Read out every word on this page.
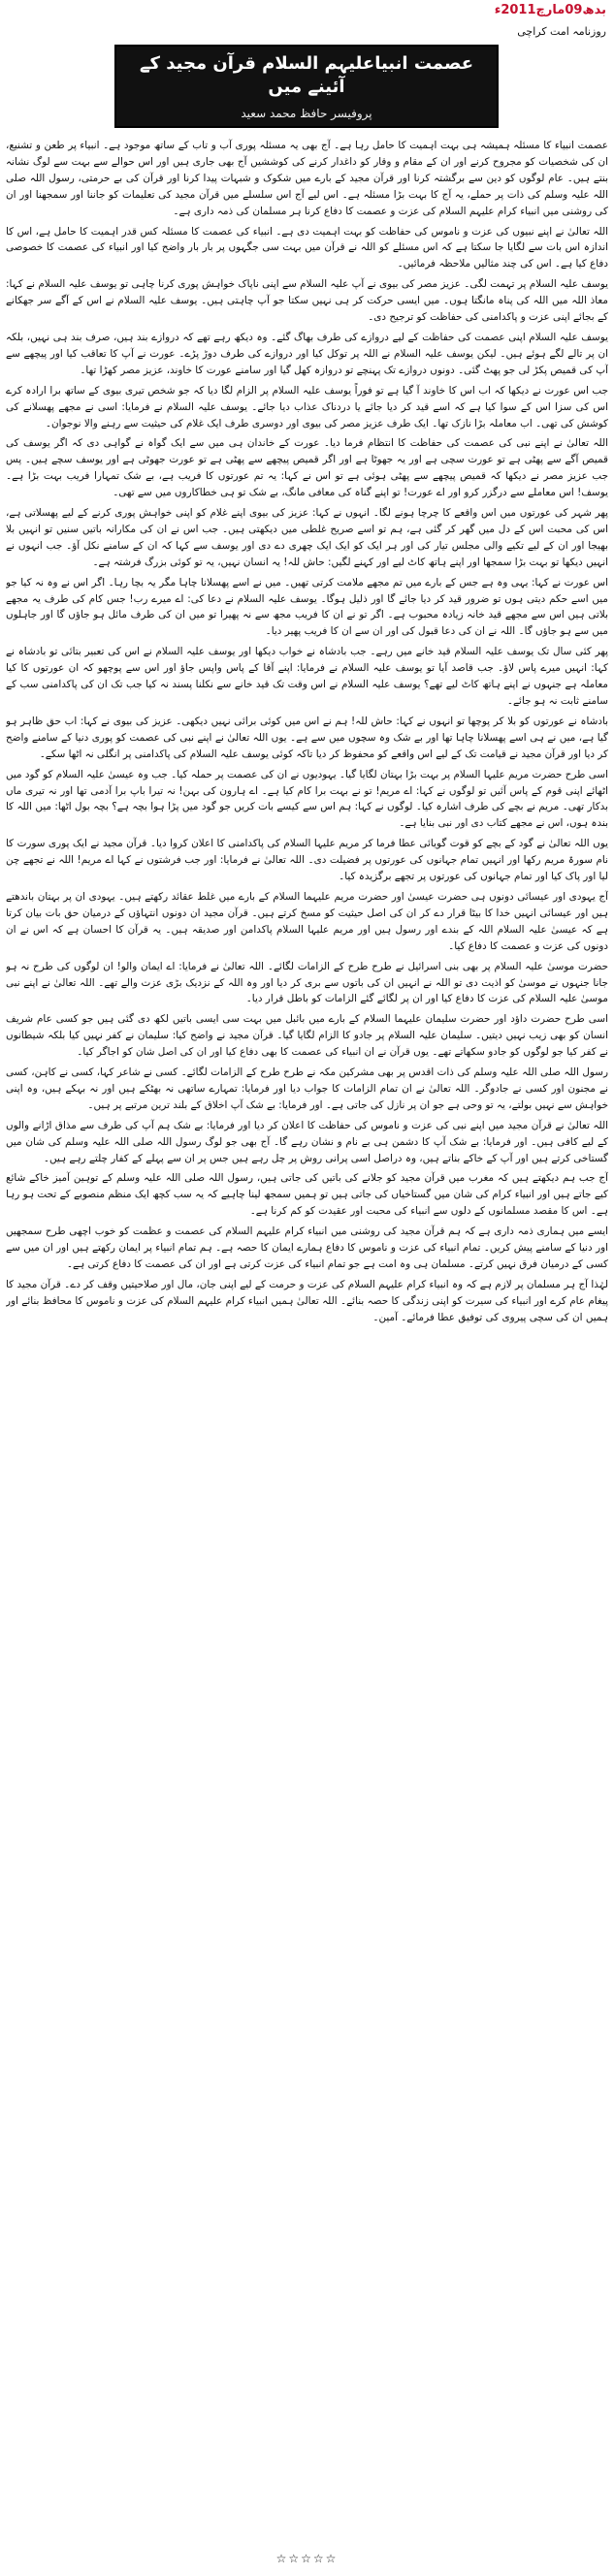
بدھ09مارچ2011ء
روزنامہ امت کراچی
عصمت انبیاعلیہم السلام قرآن مجید کے آئینے میں
پروفیسر حافظ محمد سعید

عصمت انبیاء کا مسئلہ ہمیشہ ہی بہت اہمیت کا حامل رہا ہے۔ آج بھی یہ مسئلہ پوری آب و تاب کے ساتھ موجود ہے۔ انبیاء پر طعن و تشنیع، ان کی شخصیات کو مجروح کرنے اور ان کے مقام و وقار کو داغدار کرنے کی کوششیں آج بھی جاری ہیں اور اس حوالے سے بہت سے لوگ نشانہ بنتے ہیں۔ عام لوگوں کو دین سے برگشتہ کرنا اور قرآن مجید کے بارے میں شکوک و شبہات پیدا کرنا اور قرآن کی بے حرمتی، رسول اللہ صلی اللہ علیہ وسلم کی ذات پر حملے، یہ آج کا بہت بڑا مسئلہ ہے۔ اس لیے آج اس سلسلے میں قرآن مجید کی تعلیمات کو جاننا اور سمجھنا اور ان کی روشنی میں انبیاء کرام علیہم السلام کی عزت و عصمت کا دفاع کرنا ہر مسلمان کی ذمہ داری ہے۔

اللہ تعالیٰ نے اپنے نبیوں کی عزت و ناموس کی حفاظت کو بہت اہمیت دی ہے۔ انبیاء کی عصمت کا مسئلہ کس قدر اہمیت کا حامل ہے، اس کا اندازہ اس بات سے لگایا جا سکتا ہے کہ اس مسئلے کو اللہ نے قرآن میں بہت سی جگہوں پر بار بار واضح کیا اور انبیاء کی عصمت کا خصوصی دفاع کیا ہے۔ اس کی چند مثالیں ملاحظہ فرمائیں۔

یوسف علیہ السلام پر تہمت لگی۔ عزیز مصر کی بیوی نے آپ علیہ السلام سے اپنی ناپاک خواہش پوری کرنا چاہی تو یوسف علیہ السلام نے کہا: معاذ اللہ میں اللہ کی پناہ مانگتا ہوں۔ میں ایسی حرکت کر ہی نہیں سکتا جو آپ چاہتی ہیں۔ یوسف علیہ السلام نے اس کے آگے سر جھکانے کے بجائے اپنی عزت و پاکدامنی کی حفاظت کو ترجیح دی۔

یوسف علیہ السلام اپنی عصمت کی حفاظت کے لیے دروازے کی طرف بھاگ گئے۔ وہ دیکھ رہے تھے کہ دروازے بند ہیں، صرف بند ہی نہیں، بلکہ ان پر تالے لگے ہوئے ہیں۔ لیکن یوسف علیہ السلام نے اللہ پر توکل کیا اور دروازے کی طرف دوڑ پڑے۔ عورت نے آپ کا تعاقب کیا اور پیچھے سے آپ کی قمیص پکڑ لی جو پھٹ گئی۔ دونوں دروازے تک پہنچے تو دروازہ کھل گیا اور سامنے عورت کا خاوند، عزیز مصر کھڑا تھا۔

جب اس عورت نے دیکھا کہ اب اس کا خاوند آ گیا ہے تو فوراً یوسف علیہ السلام پر الزام لگا دیا کہ جو شخص تیری بیوی کے ساتھ برا ارادہ کرے اس کی سزا اس کے سوا کیا ہے کہ اسے قید کر دیا جائے یا دردناک عذاب دیا جائے۔ یوسف علیہ السلام نے فرمایا: اسی نے مجھے پھسلانے کی کوشش کی تھی۔ اب معاملہ بڑا نازک تھا۔ ایک طرف عزیز مصر کی بیوی اور دوسری طرف ایک غلام کی حیثیت سے رہنے والا نوجوان۔

اللہ تعالیٰ نے اپنے نبی کی عصمت کی حفاظت کا انتظام فرما دیا۔ عورت کے خاندان ہی میں سے ایک گواہ نے گواہی دی کہ اگر یوسف کی قمیص آگے سے پھٹی ہے تو عورت سچی ہے اور یہ جھوٹا ہے اور اگر قمیص پیچھے سے پھٹی ہے تو عورت جھوٹی ہے اور یوسف سچے ہیں۔ پس جب عزیز مصر نے دیکھا کہ قمیص پیچھے سے پھٹی ہوئی ہے تو اس نے کہا: یہ تم عورتوں کا فریب ہے، بے شک تمہارا فریب بہت بڑا ہے۔ یوسف! اس معاملے سے درگزر کرو اور اے عورت! تو اپنے گناہ کی معافی مانگ، بے شک تو ہی خطاکاروں میں سے تھی۔

پھر شہر کی عورتوں میں اس واقعے کا چرچا ہونے لگا۔ انہوں نے کہا: عزیز کی بیوی اپنے غلام کو اپنی خواہش پوری کرنے کے لیے پھسلاتی ہے، اس کی محبت اس کے دل میں گھر کر گئی ہے، ہم تو اسے صریح غلطی میں دیکھتی ہیں۔ جب اس نے ان کی مکارانہ باتیں سنیں تو انہیں بلا بھیجا اور ان کے لیے تکیے والی مجلس تیار کی اور ہر ایک کو ایک ایک چھری دے دی اور یوسف سے کہا کہ ان کے سامنے نکل آؤ۔ جب انہوں نے انہیں دیکھا تو بہت بڑا سمجھا اور اپنے ہاتھ کاٹ لیے اور کہنے لگیں: حاش للہ! یہ انسان نہیں، یہ تو کوئی بزرگ فرشتہ ہے۔

اس عورت نے کہا: یہی وہ ہے جس کے بارے میں تم مجھے ملامت کرتی تھیں۔ میں نے اسے پھسلانا چاہا مگر یہ بچا رہا۔ اگر اس نے وہ نہ کیا جو میں اسے حکم دیتی ہوں تو ضرور قید کر دیا جائے گا اور ذلیل ہوگا۔ یوسف علیہ السلام نے دعا کی: اے میرے رب! جس کام کی طرف یہ مجھے بلاتی ہیں اس سے مجھے قید خانہ زیادہ محبوب ہے۔ اگر تو نے ان کا فریب مجھ سے نہ پھیرا تو میں ان کی طرف مائل ہو جاؤں گا اور جاہلوں میں سے ہو جاؤں گا۔ اللہ نے ان کی دعا قبول کی اور ان سے ان کا فریب پھیر دیا۔

پھر کئی سال تک یوسف علیہ السلام قید خانے میں رہے۔ جب بادشاہ نے خواب دیکھا اور یوسف علیہ السلام نے اس کی تعبیر بتائی تو بادشاہ نے کہا: انہیں میرے پاس لاؤ۔ جب قاصد آیا تو یوسف علیہ السلام نے فرمایا: اپنے آقا کے پاس واپس جاؤ اور اس سے پوچھو کہ ان عورتوں کا کیا معاملہ ہے جنہوں نے اپنے ہاتھ کاٹ لیے تھے؟ یوسف علیہ السلام نے اس وقت تک قید خانے سے نکلنا پسند نہ کیا جب تک ان کی پاکدامنی سب کے سامنے ثابت نہ ہو جائے۔

بادشاہ نے عورتوں کو بلا کر پوچھا تو انہوں نے کہا: حاش للہ! ہم نے اس میں کوئی برائی نہیں دیکھی۔ عزیز کی بیوی نے کہا: اب حق ظاہر ہو گیا ہے، میں نے ہی اسے پھسلانا چاہا تھا اور بے شک وہ سچوں میں سے ہے۔ یوں اللہ تعالیٰ نے اپنے نبی کی عصمت کو پوری دنیا کے سامنے واضح کر دیا اور قرآن مجید نے قیامت تک کے لیے اس واقعے کو محفوظ کر دیا تاکہ کوئی یوسف علیہ السلام کی پاکدامنی پر انگلی نہ اٹھا سکے۔

اسی طرح حضرت مریم علیہا السلام پر بہت بڑا بہتان لگایا گیا۔ یہودیوں نے ان کی عصمت پر حملہ کیا۔ جب وہ عیسیٰ علیہ السلام کو گود میں اٹھائے اپنی قوم کے پاس آئیں تو لوگوں نے کہا: اے مریم! تو نے بہت برا کام کیا ہے۔ اے ہارون کی بہن! نہ تیرا باپ برا آدمی تھا اور نہ تیری ماں بدکار تھی۔ مریم نے بچے کی طرف اشارہ کیا۔ لوگوں نے کہا: ہم اس سے کیسے بات کریں جو گود میں پڑا ہوا بچہ ہے؟ بچہ بول اٹھا: میں اللہ کا بندہ ہوں، اس نے مجھے کتاب دی اور نبی بنایا ہے۔

یوں اللہ تعالیٰ نے گود کے بچے کو قوت گویائی عطا فرما کر مریم علیہا السلام کی پاکدامنی کا اعلان کروا دیا۔ قرآن مجید نے ایک پوری سورت کا نام سورۃ مریم رکھا اور انہیں تمام جہانوں کی عورتوں پر فضیلت دی۔ اللہ تعالیٰ نے فرمایا: اور جب فرشتوں نے کہا اے مریم! اللہ نے تجھے چن لیا اور پاک کیا اور تمام جہانوں کی عورتوں پر تجھے برگزیدہ کیا۔

آج یہودی اور عیسائی دونوں ہی حضرت عیسیٰ اور حضرت مریم علیہما السلام کے بارے میں غلط عقائد رکھتے ہیں۔ یہودی ان پر بہتان باندھتے ہیں اور عیسائی انہیں خدا کا بیٹا قرار دے کر ان کی اصل حیثیت کو مسخ کرتے ہیں۔ قرآن مجید ان دونوں انتہاؤں کے درمیان حق بات بیان کرتا ہے کہ عیسیٰ علیہ السلام اللہ کے بندے اور رسول ہیں اور مریم علیہا السلام پاکدامن اور صدیقہ ہیں۔ یہ قرآن کا احسان ہے کہ اس نے ان دونوں کی عزت و عصمت کا دفاع کیا۔

حضرت موسیٰ علیہ السلام پر بھی بنی اسرائیل نے طرح طرح کے الزامات لگائے۔ اللہ تعالیٰ نے فرمایا: اے ایمان والو! ان لوگوں کی طرح نہ ہو جانا جنہوں نے موسیٰ کو اذیت دی تو اللہ نے انہیں ان کی باتوں سے بری کر دیا اور وہ اللہ کے نزدیک بڑی عزت والے تھے۔ اللہ تعالیٰ نے اپنے نبی موسیٰ علیہ السلام کی عزت کا دفاع کیا اور ان پر لگائے گئے الزامات کو باطل قرار دیا۔

اسی طرح حضرت داؤد اور حضرت سلیمان علیہما السلام کے بارے میں بائبل میں بہت سی ایسی باتیں لکھ دی گئی ہیں جو کسی عام شریف انسان کو بھی زیب نہیں دیتیں۔ سلیمان علیہ السلام پر جادو کا الزام لگایا گیا۔ قرآن مجید نے واضح کیا: سلیمان نے کفر نہیں کیا بلکہ شیطانوں نے کفر کیا جو لوگوں کو جادو سکھاتے تھے۔ یوں قرآن نے ان انبیاء کی عصمت کا بھی دفاع کیا اور ان کی اصل شان کو اجاگر کیا۔

رسول اللہ صلی اللہ علیہ وسلم کی ذات اقدس پر بھی مشرکین مکہ نے طرح طرح کے الزامات لگائے۔ کسی نے شاعر کہا، کسی نے کاہن، کسی نے مجنون اور کسی نے جادوگر۔ اللہ تعالیٰ نے ان تمام الزامات کا جواب دیا اور فرمایا: تمہارے ساتھی نہ بھٹکے ہیں اور نہ بہکے ہیں، وہ اپنی خواہش سے نہیں بولتے، یہ تو وحی ہے جو ان پر نازل کی جاتی ہے۔ اور فرمایا: بے شک آپ اخلاق کے بلند ترین مرتبے پر ہیں۔

اللہ تعالیٰ نے قرآن مجید میں اپنے نبی کی عزت و ناموس کی حفاظت کا اعلان کر دیا اور فرمایا: بے شک ہم آپ کی طرف سے مذاق اڑانے والوں کے لیے کافی ہیں۔ اور فرمایا: بے شک آپ کا دشمن ہی بے نام و نشان رہے گا۔ آج بھی جو لوگ رسول اللہ صلی اللہ علیہ وسلم کی شان میں گستاخی کرتے ہیں اور آپ کے خاکے بناتے ہیں، وہ دراصل اسی پرانی روش پر چل رہے ہیں جس پر ان سے پہلے کے کفار چلتے رہے ہیں۔

آج جب ہم دیکھتے ہیں کہ مغرب میں قرآن مجید کو جلانے کی باتیں کی جاتی ہیں، رسول اللہ صلی اللہ علیہ وسلم کے توہین آمیز خاکے شائع کیے جاتے ہیں اور انبیاء کرام کی شان میں گستاخیاں کی جاتی ہیں تو ہمیں سمجھ لینا چاہیے کہ یہ سب کچھ ایک منظم منصوبے کے تحت ہو رہا ہے۔ اس کا مقصد مسلمانوں کے دلوں سے انبیاء کی محبت اور عقیدت کو کم کرنا ہے۔

ایسے میں ہماری ذمہ داری ہے کہ ہم قرآن مجید کی روشنی میں انبیاء کرام علیہم السلام کی عصمت و عظمت کو خوب اچھی طرح سمجھیں اور دنیا کے سامنے پیش کریں۔ تمام انبیاء کی عزت و ناموس کا دفاع ہمارے ایمان کا حصہ ہے۔ ہم تمام انبیاء پر ایمان رکھتے ہیں اور ان میں سے کسی کے درمیان فرق نہیں کرتے۔ مسلمان ہی وہ امت ہے جو تمام انبیاء کی عزت کرتی ہے اور ان کی عصمت کا دفاع کرتی ہے۔

لہٰذا آج ہر مسلمان پر لازم ہے کہ وہ انبیاء کرام علیہم السلام کی عزت و حرمت کے لیے اپنی جان، مال اور صلاحیتیں وقف کر دے۔ قرآن مجید کا پیغام عام کرے اور انبیاء کی سیرت کو اپنی زندگی کا حصہ بنائے۔ اللہ تعالیٰ ہمیں انبیاء کرام علیہم السلام کی عزت و ناموس کا محافظ بنائے اور ہمیں ان کی سچی پیروی کی توفیق عطا فرمائے۔ آمین۔

☆☆☆☆☆
